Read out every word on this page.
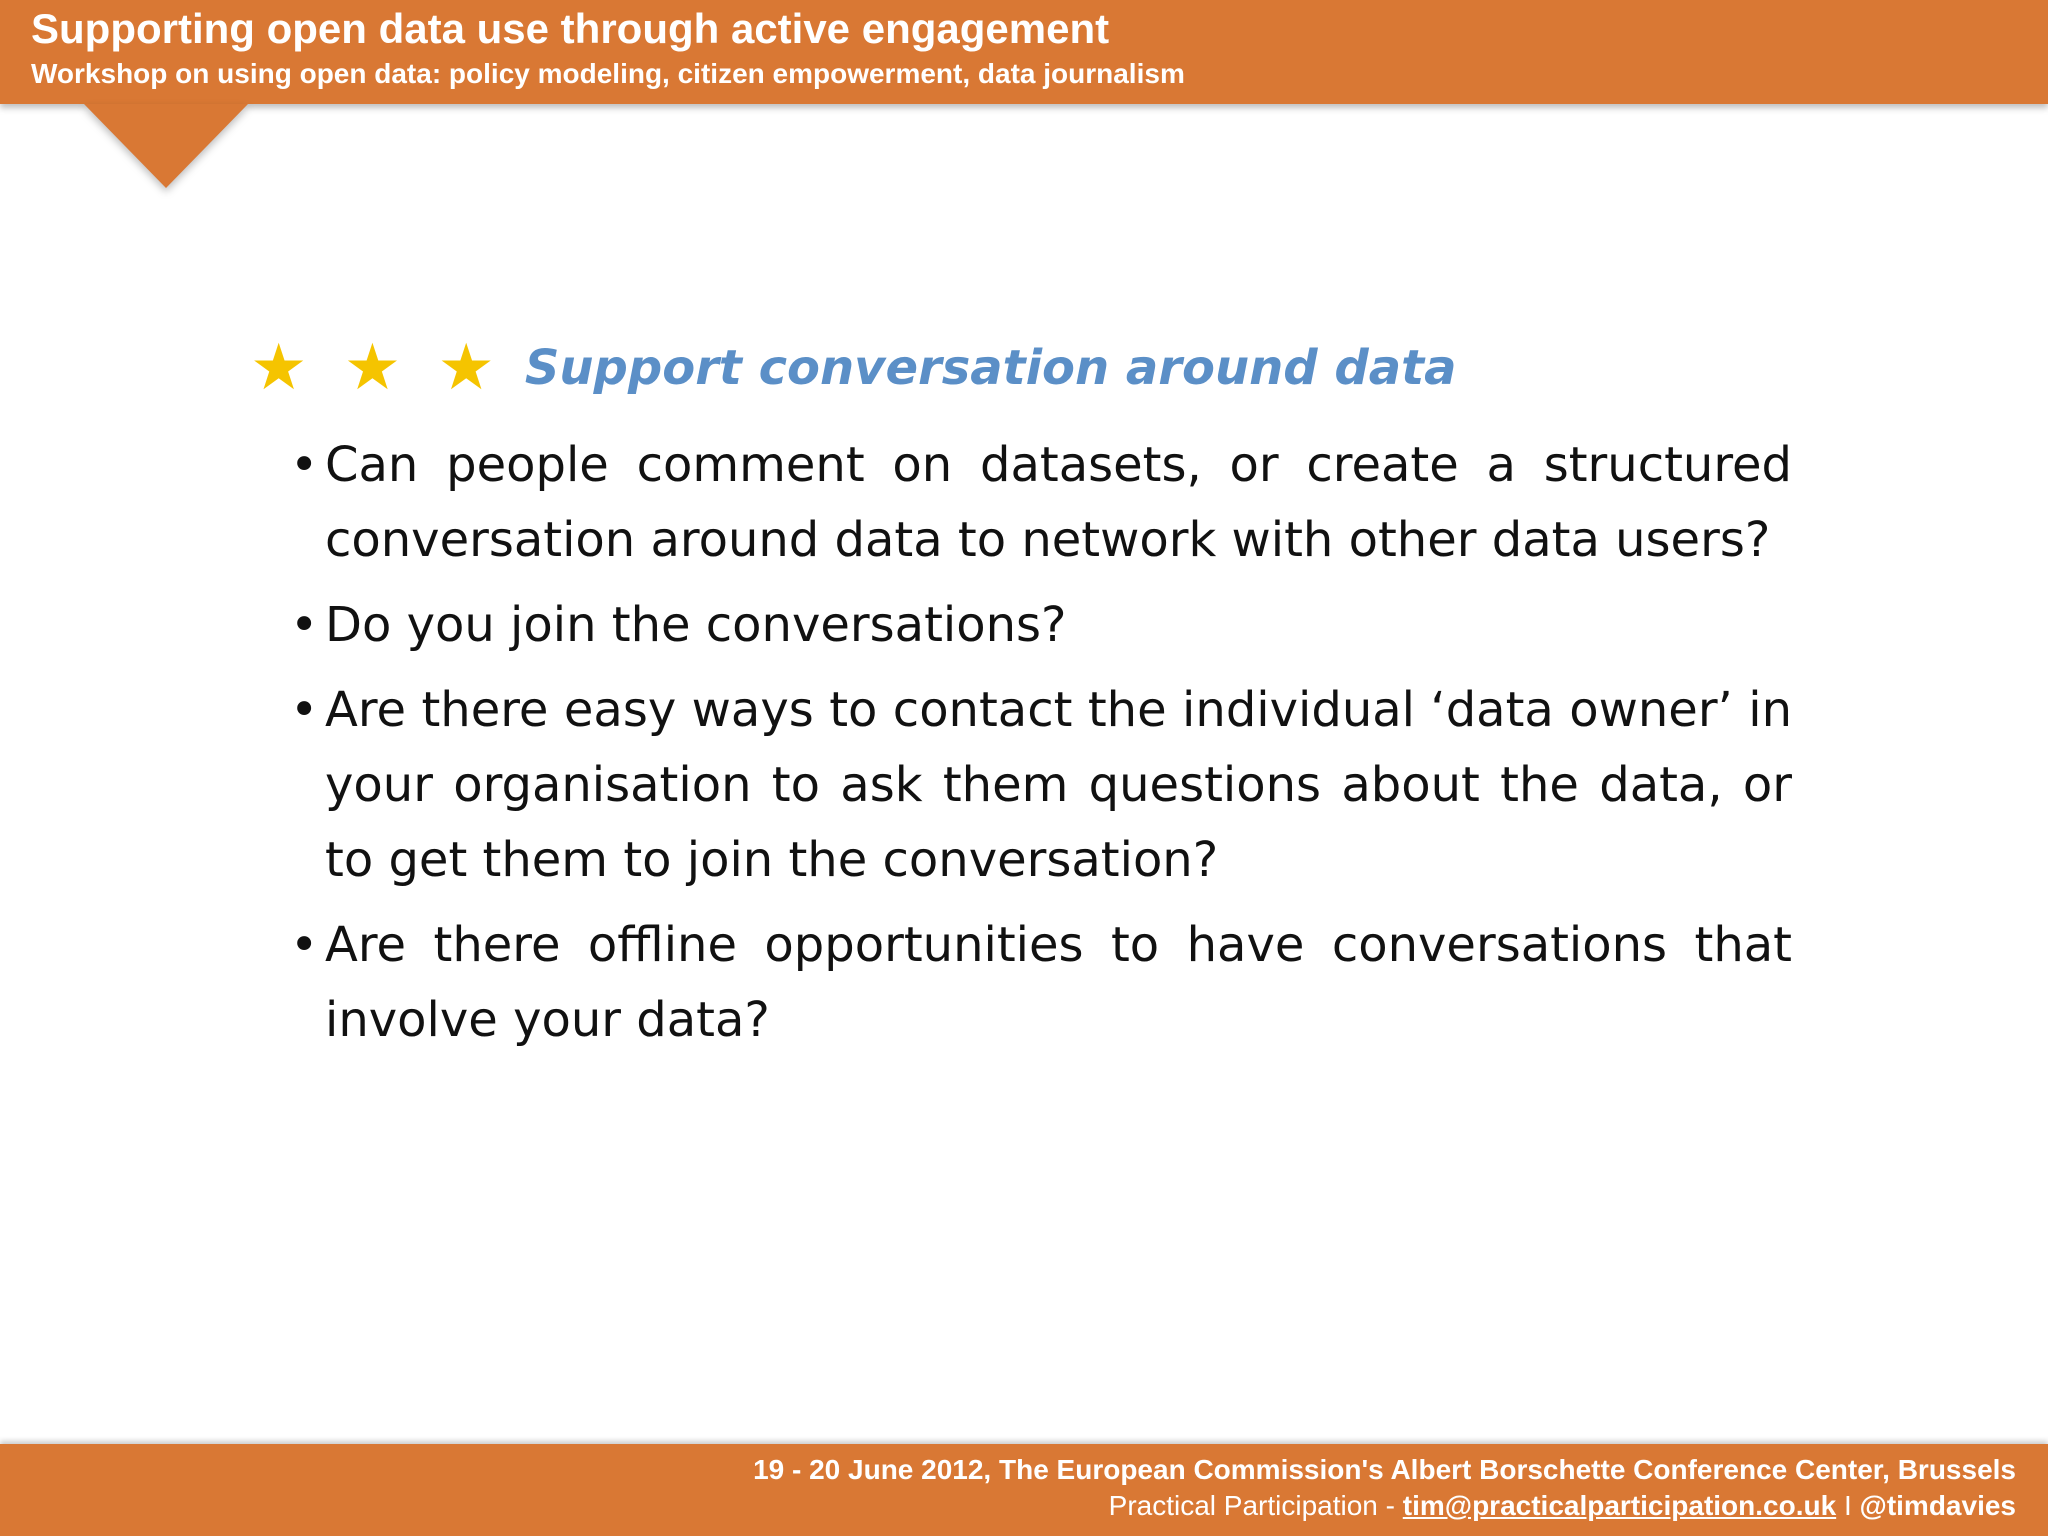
Supporting open data use through active engagement
Workshop on using open data: policy modeling, citizen empowerment, data journalism
★ ★ ★ Support conversation around data
• Can people comment on datasets, or create a structured conversation around data to network with other data users?
• Do you join the conversations?
• Are there easy ways to contact the individual ‘data owner’ in your organisation to ask them questions about the data, or to get them to join the conversation?
• Are there offline opportunities to have conversations that involve your data?
19 - 20 June 2012, The European Commission's Albert Borschette Conference Center, Brussels
Practical Participation - tim@practicalparticipation.co.uk I @timdavies
